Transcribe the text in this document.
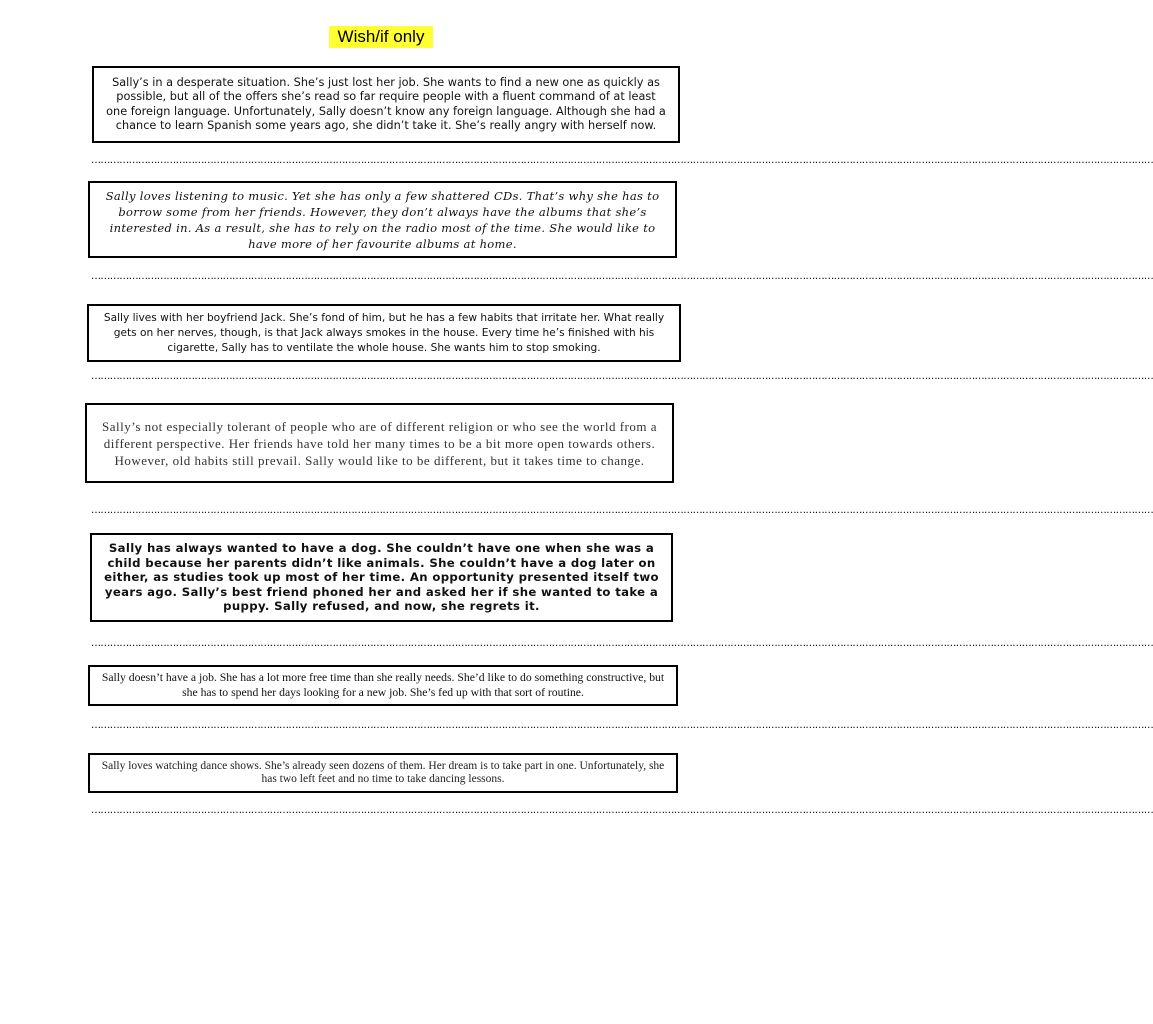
Wish/if only

Sally’s in a desperate situation. She’s just lost her job. She wants to find a new one as quickly as possible, but all of the offers she’s read so far require people with a fluent command of at least one foreign language. Unfortunately, Sally doesn’t know any foreign language. Although she had a chance to learn Spanish some years ago, she didn’t take it. She’s really angry with herself now.

……………………………………………………………………………………………………………………………………………………………………………………………………………………………………………………………………………………………………………

Sally loves listening to music. Yet she has only a few shattered CDs. That’s why she has to borrow some from her friends. However, they don’t always have the albums that she’s interested in. As a result, she has to rely on the radio most of the time. She would like to have more of her favourite albums at home.

……………………………………………………………………………………………………………………………………………………………………………………………………………………………………………………………………………………………………………

Sally lives with her boyfriend Jack. She’s fond of him, but he has a few habits that irritate her. What really gets on her nerves, though, is that Jack always smokes in the house. Every time he’s finished with his cigarette, Sally has to ventilate the whole house. She wants him to stop smoking.

……………………………………………………………………………………………………………………………………………………………………………………………………………………………………………………………………………………………………………

Sally’s not especially tolerant of people who are of different religion or who see the world from a different perspective. Her friends have told her many times to be a bit more open towards others. However, old habits still prevail. Sally would like to be different, but it takes time to change.

……………………………………………………………………………………………………………………………………………………………………………………………………………………………………………………………………………………………………………

Sally has always wanted to have a dog. She couldn’t have one when she was a child because her parents didn’t like animals. She couldn’t have a dog later on either, as studies took up most of her time. An opportunity presented itself two years ago. Sally’s best friend phoned her and asked her if she wanted to take a puppy. Sally refused, and now, she regrets it.

……………………………………………………………………………………………………………………………………………………………………………………………………………………………………………………………………………………………………………

Sally doesn’t have a job. She has a lot more free time than she really needs. She’d like to do something constructive, but she has to spend her days looking for a new job. She’s fed up with that sort of routine.

……………………………………………………………………………………………………………………………………………………………………………………………………………………………………………………………………………………………………………

Sally loves watching dance shows. She’s already seen dozens of them. Her dream is to take part in one. Unfortunately, she has two left feet and no time to take dancing lessons.

……………………………………………………………………………………………………………………………………………………………………………………………………………………………………………………………………………………………………………
